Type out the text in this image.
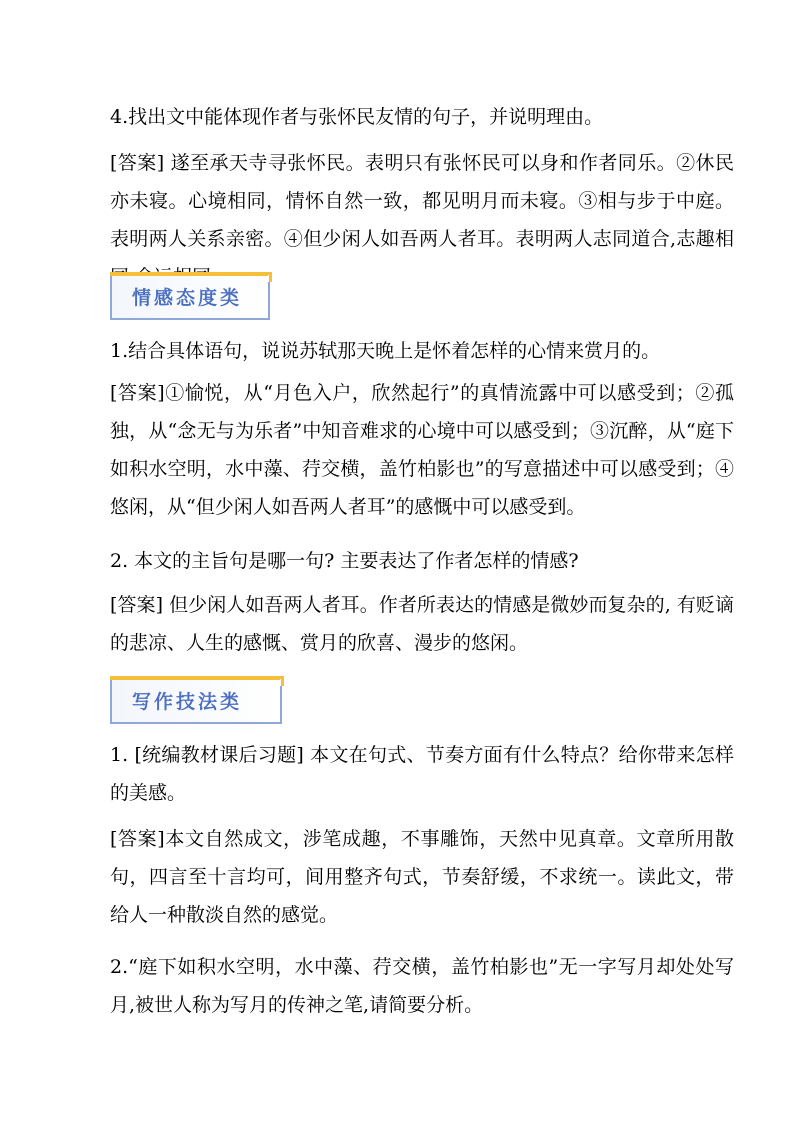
4.找出文中能体现作者与张怀民友情的句子，并说明理由。

[答案] 遂至承天寺寻张怀民。表明只有张怀民可以身和作者同乐。②休民亦未寝。心境相同，情怀自然一致，都见明月而未寝。③相与步于中庭。表明两人关系亲密。④但少闲人如吾两人者耳。表明两人志同道合,志趣相

情感态度类

1.结合具体语句，说说苏轼那天晚上是怀着怎样的心情来赏月的。

[答案]①愉悦，从“月色入户，欣然起行”的真情流露中可以感受到；②孤独，从“念无与为乐者”中知音难求的心境中可以感受到；③沉醉，从“庭下如积水空明，水中藻、荇交横，盖竹柏影也”的写意描述中可以感受到；④悠闲，从“但少闲人如吾两人者耳”的感慨中可以感受到。

2. 本文的主旨句是哪一句? 主要表达了作者怎样的情感?

[答案] 但少闲人如吾两人者耳。作者所表达的情感是微妙而复杂的, 有贬谪的悲凉、人生的感慨、赏月的欣喜、漫步的悠闲。

写作技法类

1. [统编教材课后习题] 本文在句式、节奏方面有什么特点？给你带来怎样的美感。

[答案]本文自然成文，涉笔成趣，不事雕饰，天然中见真章。文章所用散句，四言至十言均可，间用整齐句式，节奏舒缓，不求统一。读此文，带给人一种散淡自然的感觉。

2.“庭下如积水空明，水中藻、荇交横，盖竹柏影也”无一字写月却处处写月,被世人称为写月的传神之笔,请简要分析。
